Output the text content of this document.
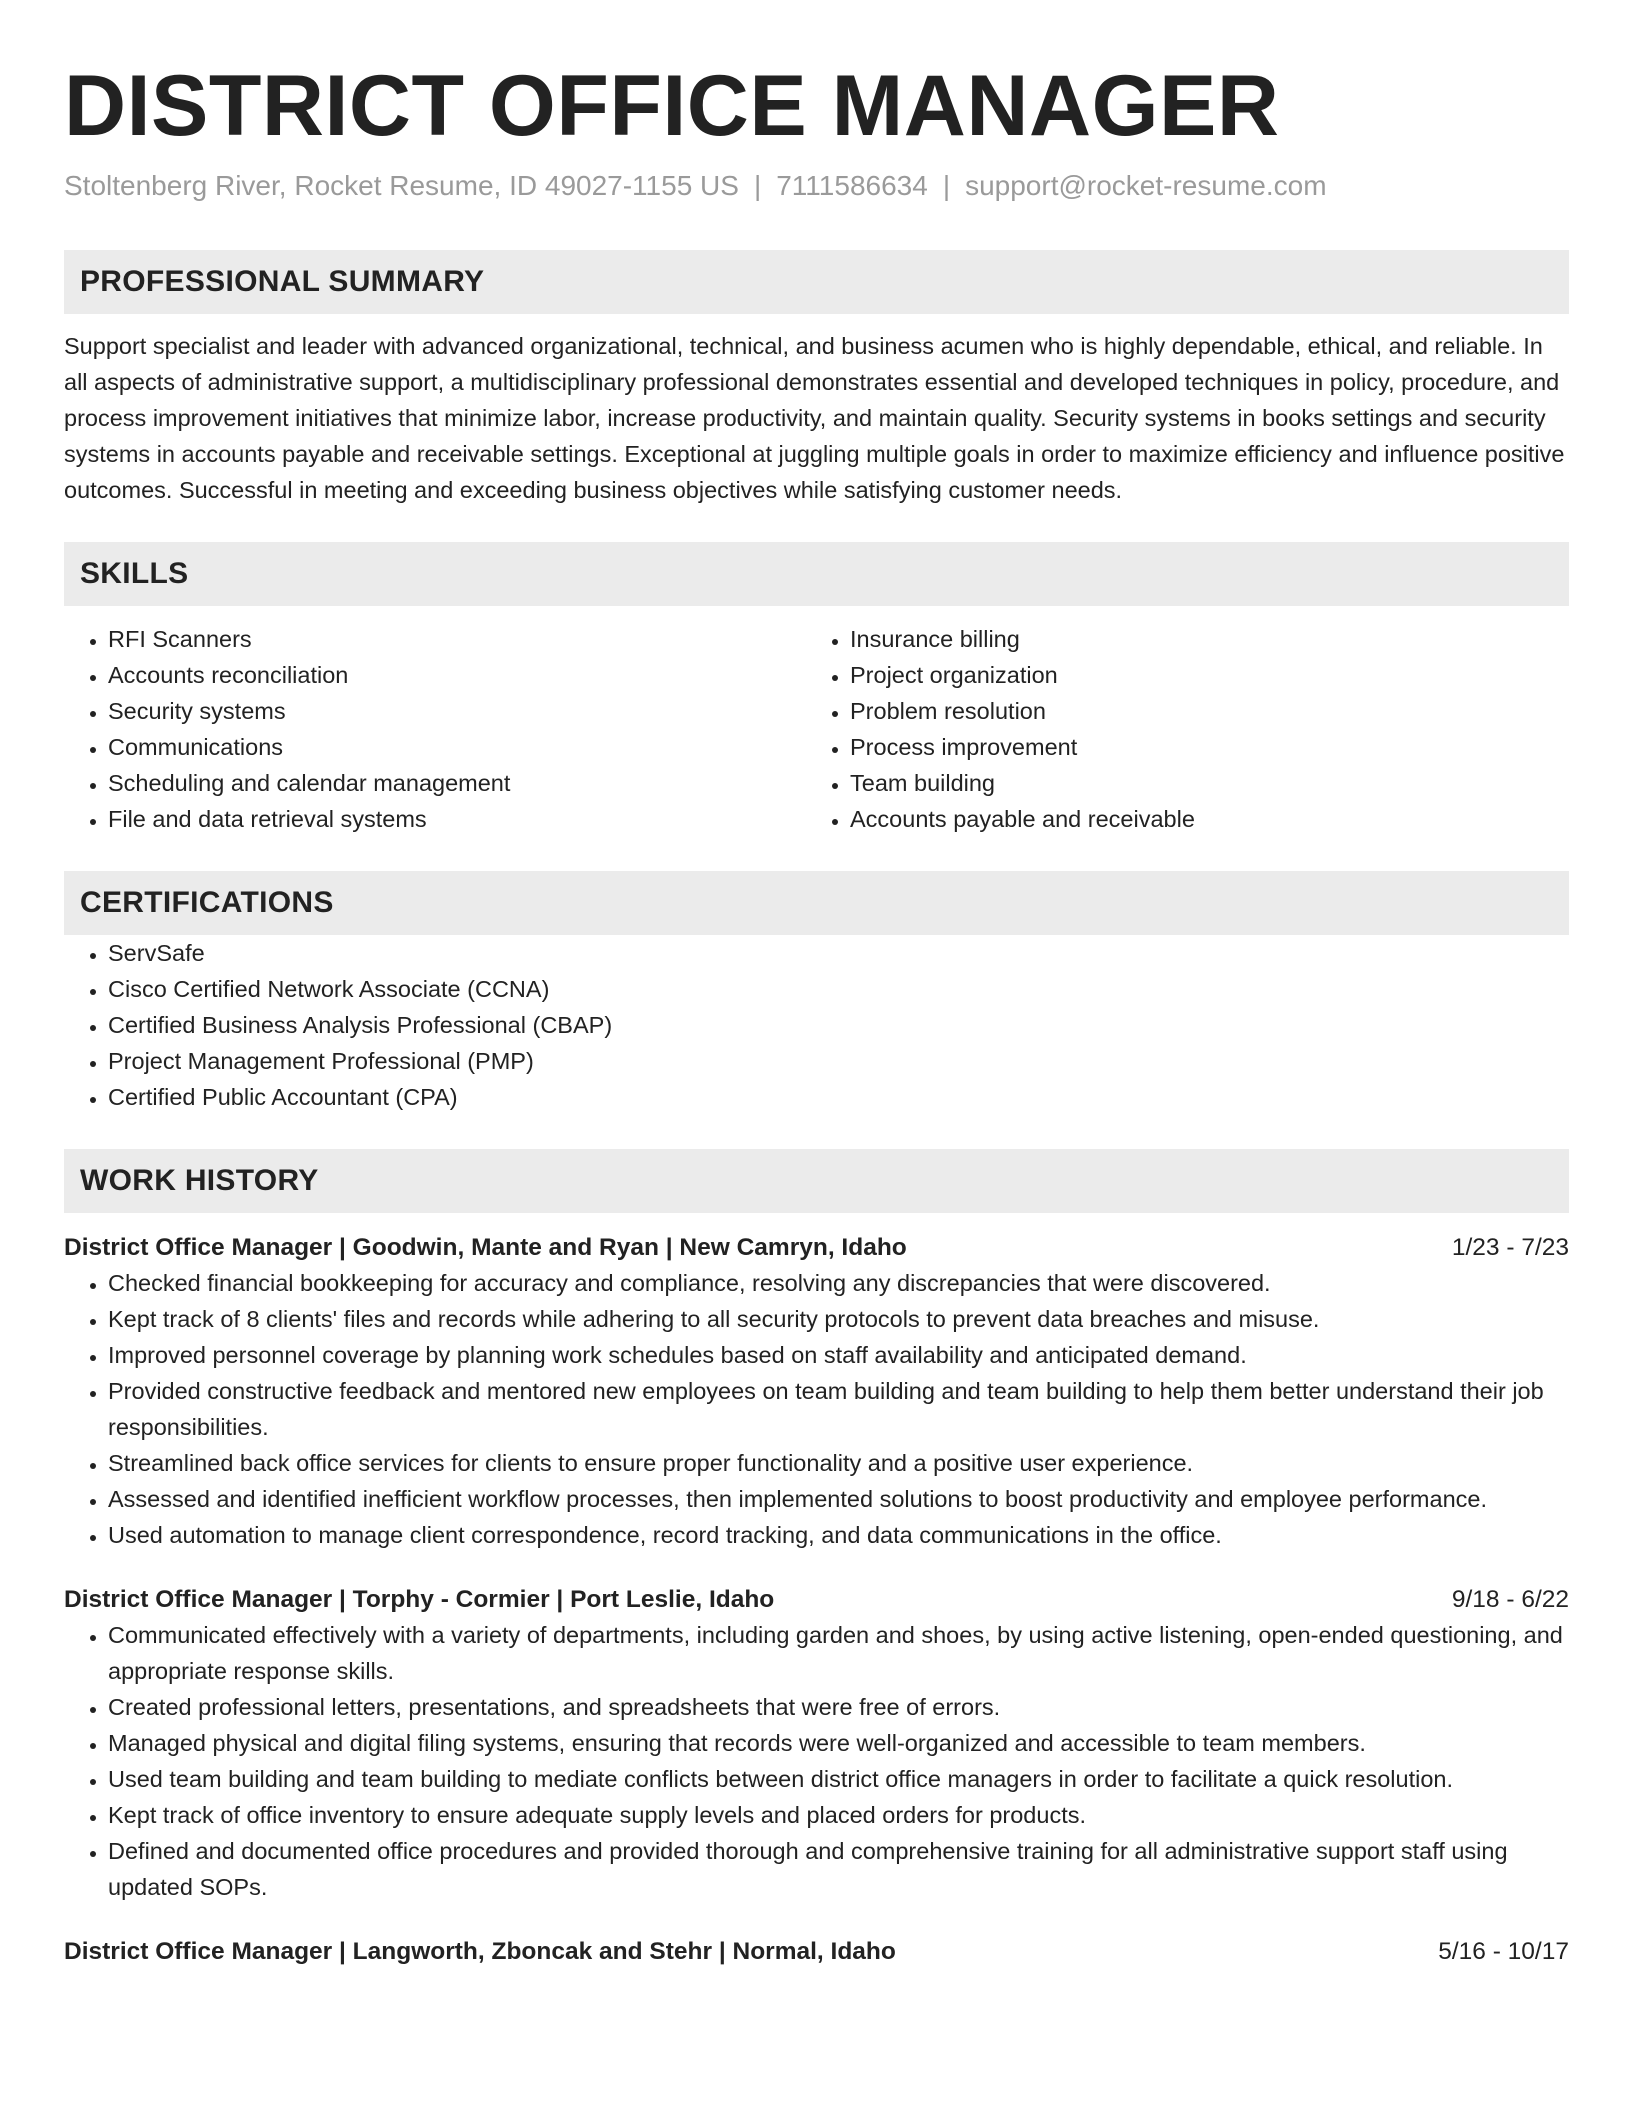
DISTRICT OFFICE MANAGER
Stoltenberg River, Rocket Resume, ID 49027-1155 US | 7111586634 | support@rocket-resume.com
PROFESSIONAL SUMMARY
Support specialist and leader with advanced organizational, technical, and business acumen who is highly dependable, ethical, and reliable. In all aspects of administrative support, a multidisciplinary professional demonstrates essential and developed techniques in policy, procedure, and process improvement initiatives that minimize labor, increase productivity, and maintain quality. Security systems in books settings and security systems in accounts payable and receivable settings. Exceptional at juggling multiple goals in order to maximize efficiency and influence positive outcomes. Successful in meeting and exceeding business objectives while satisfying customer needs.
SKILLS
• RFI Scanners
• Accounts reconciliation
• Security systems
• Communications
• Scheduling and calendar management
• File and data retrieval systems
• Insurance billing
• Project organization
• Problem resolution
• Process improvement
• Team building
• Accounts payable and receivable
CERTIFICATIONS
• ServSafe
• Cisco Certified Network Associate (CCNA)
• Certified Business Analysis Professional (CBAP)
• Project Management Professional (PMP)
• Certified Public Accountant (CPA)
WORK HISTORY
District Office Manager | Goodwin, Mante and Ryan | New Camryn, Idaho	1/23 - 7/23
• Checked financial bookkeeping for accuracy and compliance, resolving any discrepancies that were discovered.
• Kept track of 8 clients' files and records while adhering to all security protocols to prevent data breaches and misuse.
• Improved personnel coverage by planning work schedules based on staff availability and anticipated demand.
• Provided constructive feedback and mentored new employees on team building and team building to help them better understand their job responsibilities.
• Streamlined back office services for clients to ensure proper functionality and a positive user experience.
• Assessed and identified inefficient workflow processes, then implemented solutions to boost productivity and employee performance.
• Used automation to manage client correspondence, record tracking, and data communications in the office.
District Office Manager | Torphy - Cormier | Port Leslie, Idaho	9/18 - 6/22
• Communicated effectively with a variety of departments, including garden and shoes, by using active listening, open-ended questioning, and appropriate response skills.
• Created professional letters, presentations, and spreadsheets that were free of errors.
• Managed physical and digital filing systems, ensuring that records were well-organized and accessible to team members.
• Used team building and team building to mediate conflicts between district office managers in order to facilitate a quick resolution.
• Kept track of office inventory to ensure adequate supply levels and placed orders for products.
• Defined and documented office procedures and provided thorough and comprehensive training for all administrative support staff using updated SOPs.
District Office Manager | Langworth, Zboncak and Stehr | Normal, Idaho	5/16 - 10/17
